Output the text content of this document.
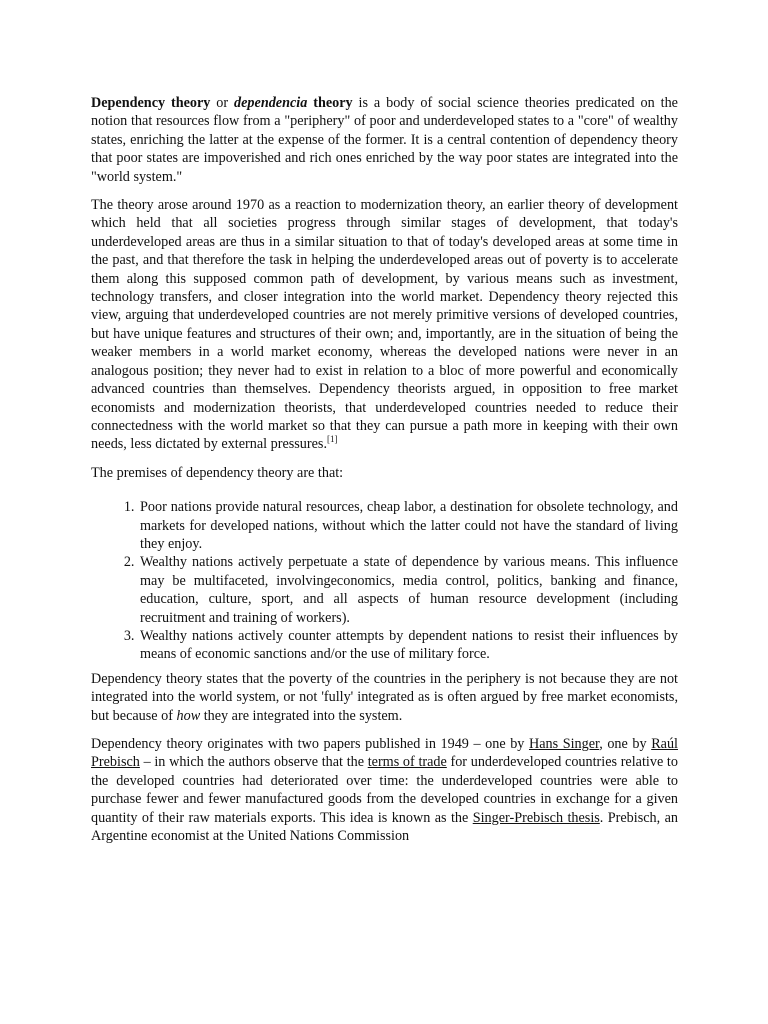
Dependency theory or dependencia theory is a body of social science theories predicated on the notion that resources flow from a "periphery" of poor and underdeveloped states to a "core" of wealthy states, enriching the latter at the expense of the former. It is a central contention of dependency theory that poor states are impoverished and rich ones enriched by the way poor states are integrated into the "world system."

The theory arose around 1970 as a reaction to modernization theory, an earlier theory of development which held that all societies progress through similar stages of development, that today's underdeveloped areas are thus in a similar situation to that of today's developed areas at some time in the past, and that therefore the task in helping the underdeveloped areas out of poverty is to accelerate them along this supposed common path of development, by various means such as investment, technology transfers, and closer integration into the world market. Dependency theory rejected this view, arguing that underdeveloped countries are not merely primitive versions of developed countries, but have unique features and structures of their own; and, importantly, are in the situation of being the weaker members in a world market economy, whereas the developed nations were never in an analogous position; they never had to exist in relation to a bloc of more powerful and economically advanced countries than themselves. Dependency theorists argued, in opposition to free market economists and modernization theorists, that underdeveloped countries needed to reduce their connectedness with the world market so that they can pursue a path more in keeping with their own needs, less dictated by external pressures.[1]

The premises of dependency theory are that:

1. Poor nations provide natural resources, cheap labor, a destination for obsolete technology, and markets for developed nations, without which the latter could not have the standard of living they enjoy.
2. Wealthy nations actively perpetuate a state of dependence by various means. This influence may be multifaceted, involvingeconomics, media control, politics, banking and finance, education, culture, sport, and all aspects of human resource development (including recruitment and training of workers).
3. Wealthy nations actively counter attempts by dependent nations to resist their influences by means of economic sanctions and/or the use of military force.

Dependency theory states that the poverty of the countries in the periphery is not because they are not integrated into the world system, or not 'fully' integrated as is often argued by free market economists, but because of how they are integrated into the system.

Dependency theory originates with two papers published in 1949 – one by Hans Singer, one by Raúl Prebisch – in which the authors observe that the terms of trade for underdeveloped countries relative to the developed countries had deteriorated over time: the underdeveloped countries were able to purchase fewer and fewer manufactured goods from the developed countries in exchange for a given quantity of their raw materials exports. This idea is known as the Singer-Prebisch thesis. Prebisch, an Argentine economist at the United Nations Commission
